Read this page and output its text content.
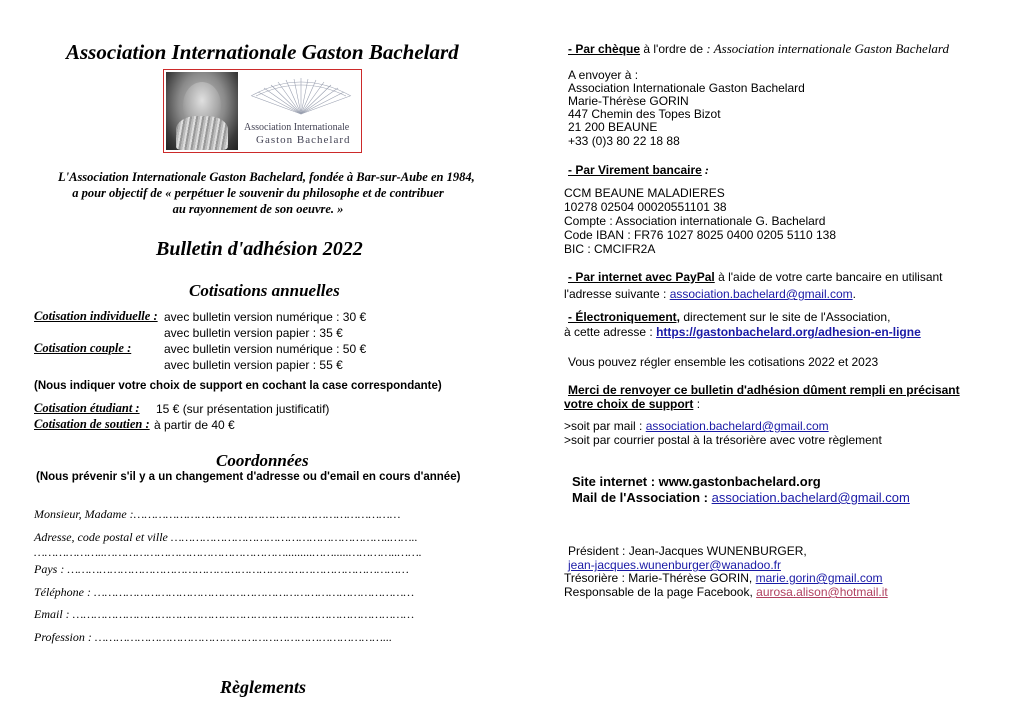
Association Internationale Gaston Bachelard
Association Internationale
Gaston Bachelard
L'Association Internationale Gaston Bachelard, fondée à Bar-sur-Aube en 1984,
a pour objectif de « perpétuer le souvenir du philosophe et de contribuer
au rayonnement de son oeuvre. »
Bulletin d'adhésion 2022
Cotisations annuelles
Cotisation individuelle : avec bulletin version numérique : 30 €
avec bulletin version papier : 35 €
Cotisation couple :	avec bulletin version numérique : 50 €
avec bulletin version papier : 55 €
(Nous indiquer votre choix de support en cochant la case correspondante)
Cotisation étudiant : 15 € (sur présentation justificatif)
Cotisation de soutien : à partir de 40 €
Coordonnées
(Nous prévenir s'il y a un changement d'adresse ou d'email en cours d'année)
Monsieur, Madame :…………………………………………………………………
Adresse, code postal et ville ……………………………………………………..……..
………………..…………………………………………….........…….....…………..…….
Pays : ……………………………………………………………………………………
Téléphone : ………………………………………………………………………………
Email : ……………………………………………………………………………………
Profession : ………………………………………………………………………...
Règlements
- Par chèque à l'ordre de : Association internationale Gaston Bachelard
A envoyer à :
Association Internationale Gaston Bachelard
Marie-Thérèse GORIN
447 Chemin des Topes Bizot
21 200 BEAUNE
+33 (0)3 80 22 18 88
- Par Virement bancaire :
CCM BEAUNE MALADIERES
10278 02504 00020551101 38
Compte : Association internationale G. Bachelard
Code IBAN : FR76 1027 8025 0400 0205 5110 138
BIC : CMCIFR2A
- Par internet avec PayPal à l'aide de votre carte bancaire en utilisant
l'adresse suivante : association.bachelard@gmail.com.
- Électroniquement, directement sur le site de l'Association,
à cette adresse : https://gastonbachelard.org/adhesion-en-ligne
Vous pouvez régler ensemble les cotisations 2022 et 2023
Merci de renvoyer ce bulletin d'adhésion dûment rempli en précisant
votre choix de support :
>soit par mail : association.bachelard@gmail.com
>soit par courrier postal à la trésorière avec votre règlement
Site internet : www.gastonbachelard.org
Mail de l'Association : association.bachelard@gmail.com
Président : Jean-Jacques WUNENBURGER,
jean-jacques.wunenburger@wanadoo.fr
Trésorière : Marie-Thérèse GORIN, marie.gorin@gmail.com
Responsable de la page Facebook, aurosa.alison@hotmail.it
